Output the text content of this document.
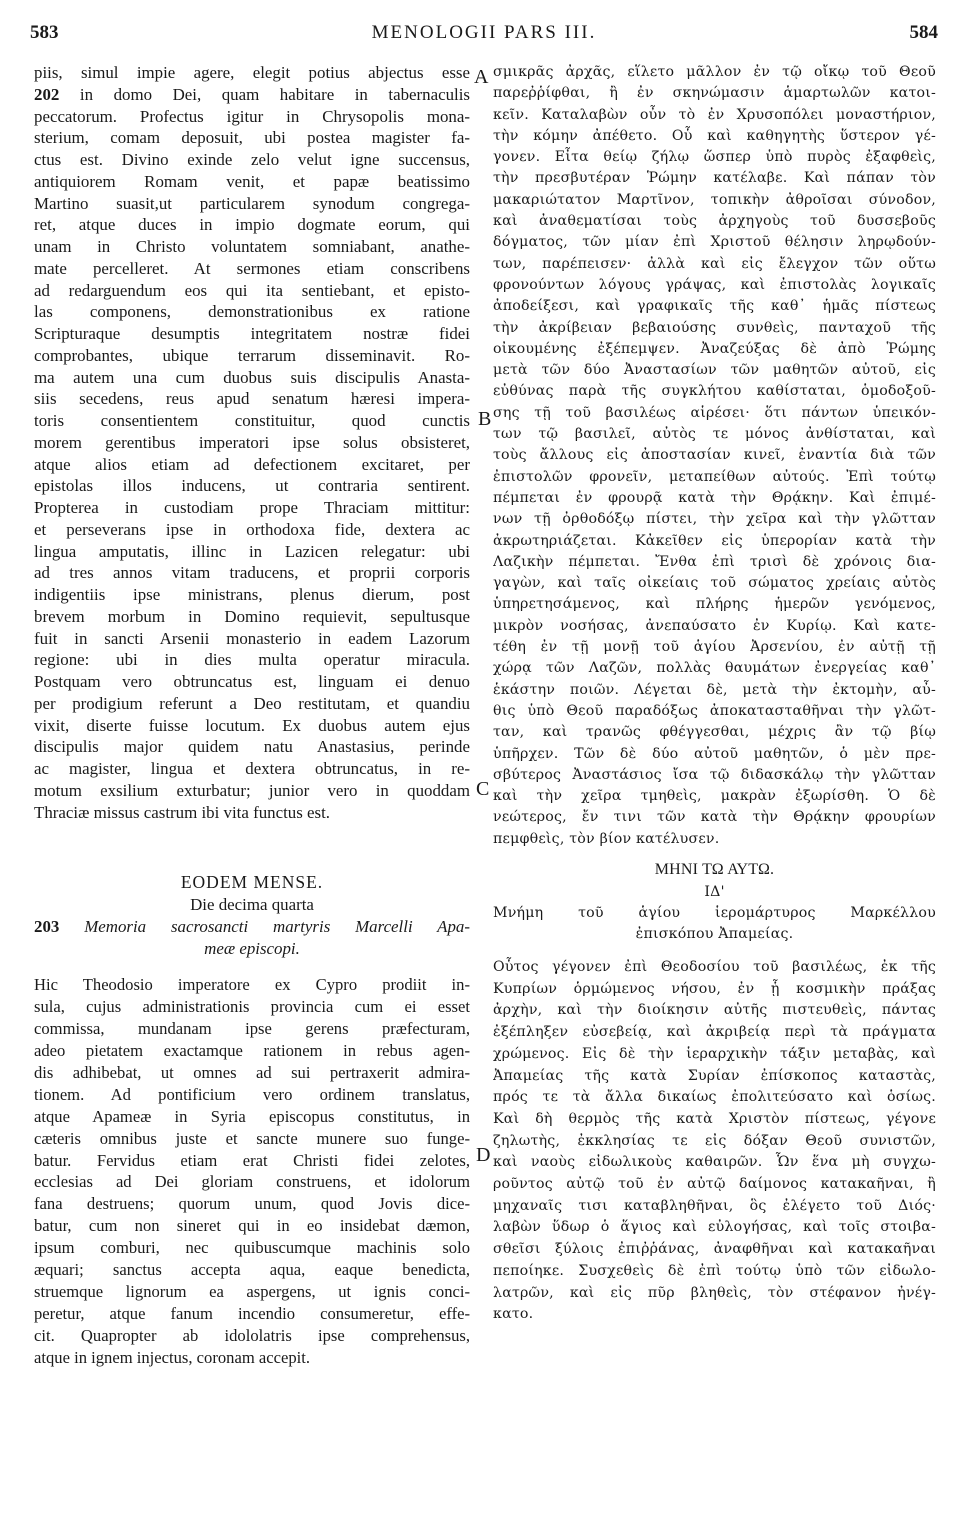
583	MENOLOGII PARS III.	584
A
B
C
D

piis, simul impie agere, elegit potius abjectus esse
202 in domo Dei, quam habitare in tabernaculis
peccatorum. Profectus igitur in Chrysopolis mona-
sterium, comam deposuit, ubi postea magister fa-
ctus est. Divino exinde zelo velut igne succensus,
antiquiorem Romam venit, et papæ beatissimo
Martino suasit,ut particularem synodum congrega-
ret, atque duces in impio dogmate eorum, qui
unam in Christo voluntatem somniabant, anathe-
mate percelleret. At sermones etiam conscribens
ad redarguendum eos qui ita sentiebant, et episto-
las componens, demonstrationibus ex ratione
Scripturaque desumptis integritatem nostræ fidei
comprobantes, ubique terrarum disseminavit. Ro-
ma autem una cum duobus suis discipulis Anasta-
siis secedens, reus apud senatum hæresi impera-
toris consentientem constituitur, quod cunctis
morem gerentibus imperatori ipse solus obsisteret,
atque alios etiam ad defectionem excitaret, per
epistolas illos inducens, ut contraria sentirent.
Propterea in custodiam prope Thraciam mittitur:
et perseverans ipse in orthodoxa fide, dextera ac
lingua amputatis, illinc in Lazicen relegatur: ubi
ad tres annos vitam traducens, et proprii corporis
indigentiis ipse ministrans, plenus dierum, post
brevem morbum in Domino requievit, sepultusque
fuit in sancti Arsenii monasterio in eadem Lazorum
regione: ubi in dies multa operatur miracula.
Postquam vero obtruncatus est, linguam ei denuo
per prodigium referunt a Deo restitutam, et quandiu
vixit, diserte fuisse locutum. Ex duobus autem ejus
discipulis major quidem natu Anastasius, perinde
ac magister, lingua et dextera obtruncatus, in re-
motum exsilium exturbatur; junior vero in quoddam
Thraciæ missus castrum ibi vita functus est.

EODEM MENSE.
Die decima quarta
203 Memoria sacrosancti martyris Marcelli Apa-
meæ episcopi.

Hic Theodosio imperatore ex Cypro prodiit in-
sula, cujus administrationis provincia cum ei esset
commissa, mundanam ipse gerens præfecturam,
adeo pietatem exactamque rationem in rebus agen-
dis adhibebat, ut omnes ad sui pertraxerit admira-
tionem. Ad pontificium vero ordinem translatus,
atque Apameæ in Syria episcopus constitutus, in
cæteris omnibus juste et sancte munere suo funge-
batur. Fervidus etiam erat Christi fidei zelotes,
ecclesias ad Dei gloriam construens, et idolorum
fana destruens; quorum unum, quod Jovis dice-
batur, cum non sineret qui in eo insidebat dæmon,
ipsum comburi, nec quibuscumque machinis solo
æquari; sanctus accepta aqua, eaque benedicta,
struemque lignorum ea aspergens, ut ignis conci-
peretur, atque fanum incendio consumeretur, effe-
cit. Quapropter ab idololatris ipse comprehensus,
atque in ignem injectus, coronam accepit.

σμικρᾶς ἀρχᾶς, εἵλετο μᾶλλον ἐν τῷ οἴκῳ τοῦ Θεοῦ
παρεῤῥίφθαι, ἢ ἐν σκηνώμασιν ἁμαρτωλῶν κατοι-
κεῖν. Καταλαβὼν οὖν τὸ ἐν Χρυσοπόλει μοναστήριον,
τὴν κόμην ἀπέθετο. Οὗ καὶ καθηγητὴς ὕστερον γέ-
γονεν. Εἶτα θείῳ ζήλῳ ὥσπερ ὑπὸ πυρὸς ἐξαφθεὶς,
τὴν πρεσβυτέραν Ῥώμην κατέλαβε. Καὶ πάπαν τὸν
μακαριώτατον Μαρτῖνον, τοπικὴν ἀθροῖσαι σύνοδον,
καὶ ἀναθεματίσαι τοὺς ἀρχηγοὺς τοῦ δυσσεβοῦς
δόγματος, τῶν μίαν ἐπὶ Χριστοῦ θέλησιν ληρῳδούν-
των, παρέπεισεν· ἀλλὰ καὶ εἰς ἔλεγχον τῶν οὕτω
φρονούντων λόγους γράψας, καὶ ἐπιστολὰς λογικαῖς
ἀποδείξεσι, καὶ γραφικαῖς τῆς καθ᾽ ἡμᾶς πίστεως
τὴν ἀκρίβειαν βεβαιούσης συνθεὶς, πανταχοῦ τῆς
οἰκουμένης ἐξέπεμψεν. Ἀναζεύξας δὲ ἀπὸ Ῥώμης
μετὰ τῶν δύο Ἀναστασίων τῶν μαθητῶν αὐτοῦ, εἰς
εὐθύνας παρὰ τῆς συγκλήτου καθίσταται, ὁμοδοξοῦ-
σης τῇ τοῦ βασιλέως αἱρέσει· ὅτι πάντων ὑπεικόν-
των τῷ βασιλεῖ, αὐτὸς τε μόνος ἀνθίσταται, καὶ
τοὺς ἄλλους εἰς ἀποστασίαν κινεῖ, ἐναντία διὰ τῶν
ἐπιστολῶν φρονεῖν, μεταπείθων αὐτούς. Ἐπὶ τούτῳ
πέμπεται ἐν φρουρᾷ κατὰ τὴν Θρᾴκην. Καὶ ἐπιμέ-
νων τῇ ὀρθοδόξῳ πίστει, τὴν χεῖρα καὶ τὴν γλῶτταν
ἀκρωτηριάζεται. Κἀκεῖθεν εἰς ὑπερορίαν κατὰ τὴν
Λαζικὴν πέμπεται. Ἔνθα ἐπὶ τρισὶ δὲ χρόνοις δια-
γαγὼν, καὶ ταῖς οἰκείαις τοῦ σώματος χρείαις αὐτὸς
ὑπηρετησάμενος, καὶ πλήρης ἡμερῶν γενόμενος,
μικρὸν νοσήσας, ἀνεπαύσατο ἐν Κυρίῳ. Καὶ κατε-
τέθη ἐν τῇ μονῇ τοῦ ἁγίου Ἀρσενίου, ἐν αὐτῇ τῇ
χώρᾳ τῶν Λαζῶν, πολλὰς θαυμάτων ἐνεργείας καθ᾽
ἑκάστην ποιῶν. Λέγεται δὲ, μετὰ τὴν ἐκτομὴν, αὖ-
θις ὑπὸ Θεοῦ παραδόξως ἀποκατασταθῆναι τὴν γλῶτ-
ταν, καὶ τρανῶς φθέγγεσθαι, μέχρις ἂν τῷ βίῳ
ὑπῆρχεν. Τῶν δὲ δύο αὐτοῦ μαθητῶν, ὁ μὲν πρε-
σβύτερος Ἀναστάσιος ἴσα τῷ διδασκάλῳ τὴν γλῶτταν
καὶ τὴν χεῖρα τμηθεὶς, μακρὰν ἐξωρίσθη. Ὁ δὲ
νεώτερος, ἔν τινι τῶν κατὰ τὴν Θρᾴκην φρουρίων
πεμφθεὶς, τὸν βίον κατέλυσεν.

ΜΗΝΙ ΤΩ ΑΥΤΩ.
ΙΔ'
Μνήμη τοῦ ἁγίου ἱερομάρτυρος Μαρκέλλου
ἐπισκόπου Ἀπαμείας.

Οὗτος γέγονεν ἐπὶ Θεοδοσίου τοῦ βασιλέως, ἐκ τῆς
Κυπρίων ὁρμώμενος νήσου, ἐν ᾗ κοσμικὴν πράξας
ἀρχὴν, καὶ τὴν διοίκησιν αὐτῆς πιστευθεὶς, πάντας
ἐξέπληξεν εὐσεβείᾳ, καὶ ἀκριβείᾳ περὶ τὰ πράγματα
χρώμενος. Εἰς δὲ τὴν ἱεραρχικὴν τάξιν μεταβὰς, καὶ
Ἀπαμείας τῆς κατὰ Συρίαν ἐπίσκοπος καταστὰς,
πρός τε τὰ ἄλλα δικαίως ἐπολιτεύσατο καὶ ὁσίως.
Καὶ δὴ θερμὸς τῆς κατὰ Χριστὸν πίστεως, γέγονε
ζηλωτὴς, ἐκκλησίας τε εἰς δόξαν Θεοῦ συνιστῶν,
καὶ ναοὺς εἰδωλικοὺς καθαιρῶν. Ὧν ἕνα μὴ συγχω-
ροῦντος αὐτῷ τοῦ ἐν αὐτῷ δαίμονος κατακαῆναι, ἢ
μηχαναῖς τισι καταβληθῆναι, ὃς ἐλέγετο τοῦ Διός·
λαβὼν ὕδωρ ὁ ἅγιος καὶ εὐλογήσας, καὶ τοῖς στοιβα-
σθεῖσι ξύλοις ἐπιῤῥάνας, ἀναφθῆναι καὶ κατακαῆναι
πεποίηκε. Συσχεθεὶς δὲ ἐπὶ τούτῳ ὑπὸ τῶν εἰδωλο-
λατρῶν, καὶ εἰς πῦρ βληθεὶς, τὸν στέφανον ἠνέγ-
κατο.
